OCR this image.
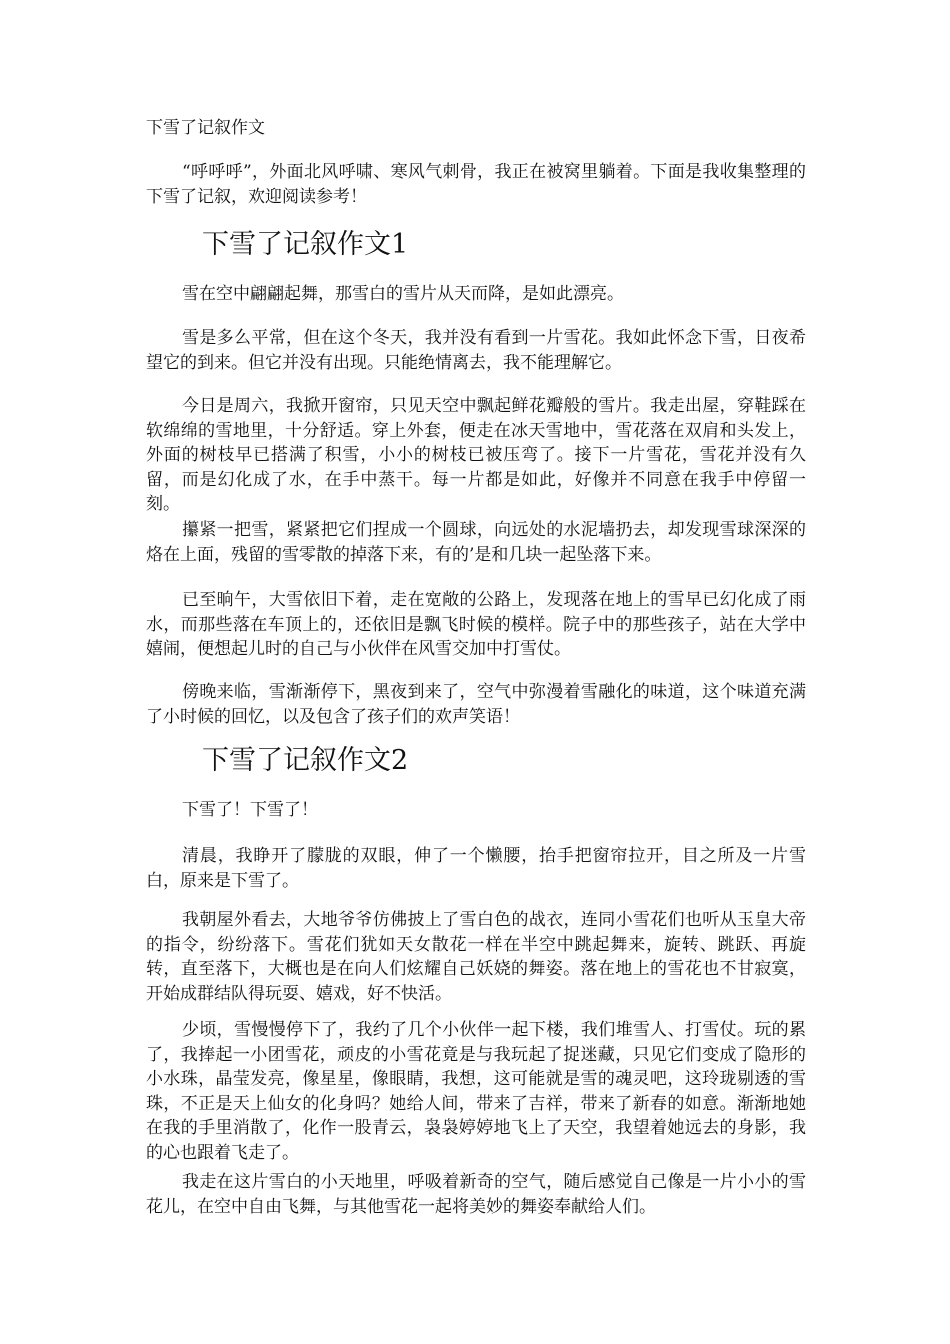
下雪了记叙作文

“呼呼呼”，外面北风呼啸、寒风气刺骨，我正在被窝里躺着。下面是我收集整理的下雪了记叙，欢迎阅读参考！

下雪了记叙作文1

雪在空中翩翩起舞，那雪白的雪片从天而降，是如此漂亮。

雪是多么平常，但在这个冬天，我并没有看到一片雪花。我如此怀念下雪，日夜希望它的到来。但它并没有出现。只能绝情离去，我不能理解它。

今日是周六，我掀开窗帘，只见天空中飘起鲜花瓣般的雪片。我走出屋，穿鞋踩在软绵绵的雪地里，十分舒适。穿上外套，便走在冰天雪地中，雪花落在双肩和头发上，外面的树枝早已搭满了积雪，小小的树枝已被压弯了。接下一片雪花，雪花并没有久留，而是幻化成了水，在手中蒸干。每一片都是如此，好像并不同意在我手中停留一刻。

攥紧一把雪，紧紧把它们捏成一个圆球，向远处的水泥墙扔去，却发现雪球深深的烙在上面，残留的雪零散的掉落下来，有的’是和几块一起坠落下来。

已至晌午，大雪依旧下着，走在宽敞的公路上，发现落在地上的雪早已幻化成了雨水，而那些落在车顶上的，还依旧是飘飞时候的模样。院子中的那些孩子，站在大学中嬉闹，便想起儿时的自己与小伙伴在风雪交加中打雪仗。

傍晚来临，雪渐渐停下，黑夜到来了，空气中弥漫着雪融化的味道，这个味道充满了小时候的回忆，以及包含了孩子们的欢声笑语！

下雪了记叙作文2

下雪了！下雪了！

清晨，我睁开了朦胧的双眼，伸了一个懒腰，抬手把窗帘拉开，目之所及一片雪白，原来是下雪了。

我朝屋外看去，大地爷爷仿佛披上了雪白色的战衣，连同小雪花们也听从玉皇大帝的指令，纷纷落下。雪花们犹如天女散花一样在半空中跳起舞来，旋转、跳跃、再旋转，直至落下，大概也是在向人们炫耀自己妖娆的舞姿。落在地上的雪花也不甘寂寞，开始成群结队得玩耍、嬉戏，好不快活。

少顷，雪慢慢停下了，我约了几个小伙伴一起下楼，我们堆雪人、打雪仗。玩的累了，我捧起一小团雪花，顽皮的小雪花竟是与我玩起了捉迷藏，只见它们变成了隐形的小水珠，晶莹发亮，像星星，像眼睛，我想，这可能就是雪的魂灵吧，这玲珑剔透的雪珠，不正是天上仙女的化身吗？她给人间，带来了吉祥，带来了新春的如意。渐渐地她在我的手里消散了，化作一股青云，袅袅婷婷地飞上了天空，我望着她远去的身影，我的心也跟着飞走了。

我走在这片雪白的小天地里，呼吸着新奇的空气，随后感觉自己像是一片小小的雪花儿，在空中自由飞舞，与其他雪花一起将美妙的舞姿奉献给人们。
